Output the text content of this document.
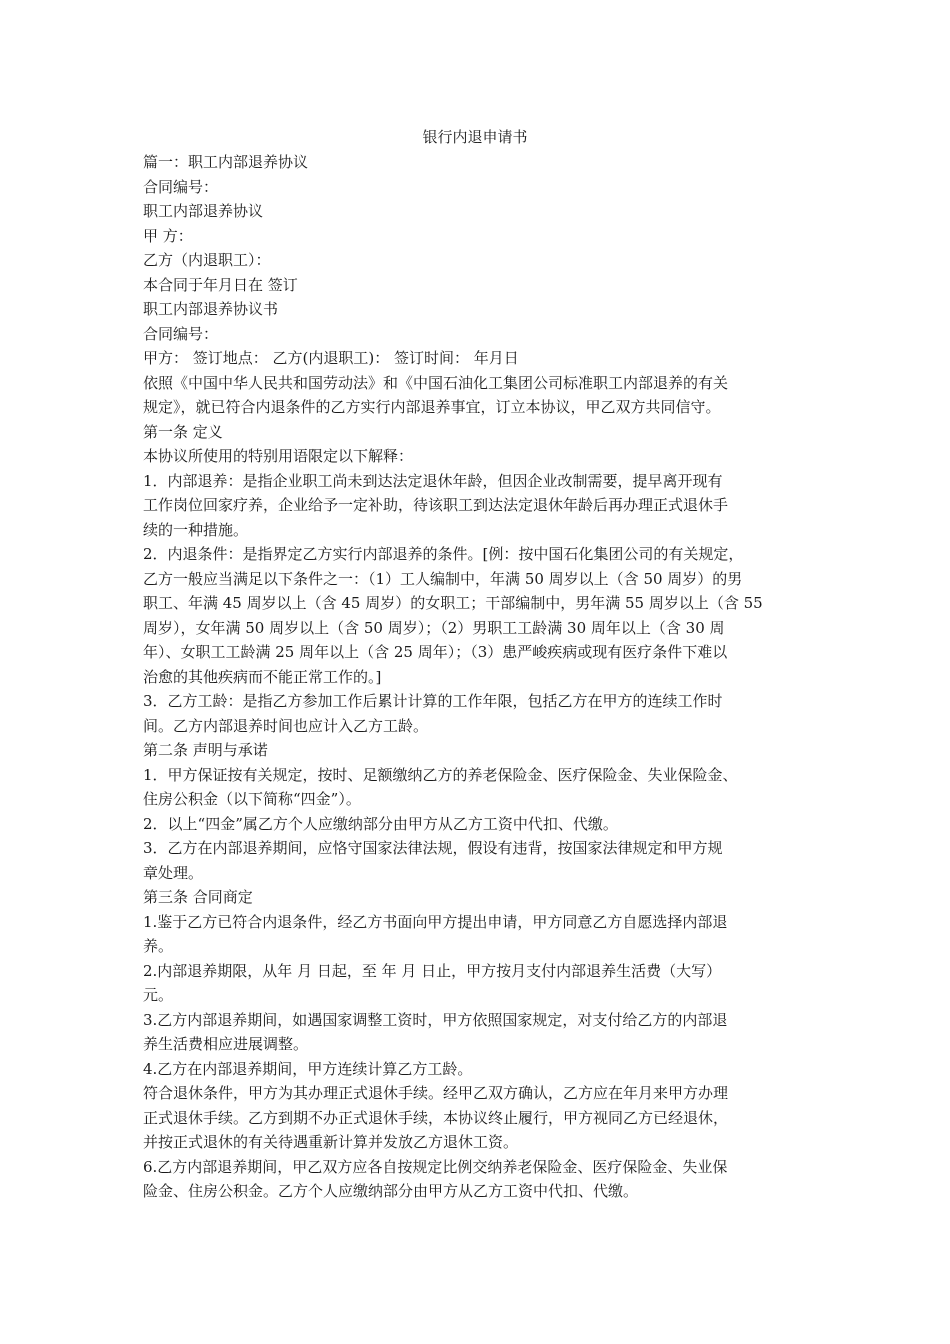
银行内退申请书

篇一：职工内部退养协议

合同编号：

职工内部退养协议

甲 方：

乙方（内退职工）：

本合同于年月日在 签订

职工内部退养协议书

合同编号：

甲方： 签订地点： 乙方(内退职工)： 签订时间： 年月日

依照《中国中华人民共和国劳动法》和《中国石油化工集团公司标准职工内部退养的有关

规定》，就已符合内退条件的乙方实行内部退养事宜，订立本协议，甲乙双方共同信守。

第一条 定义

本协议所使用的特别用语限定以下解释：

1．内部退养：是指企业职工尚未到达法定退休年龄，但因企业改制需要，提早离开现有

工作岗位回家疗养，企业给予一定补助，待该职工到达法定退休年龄后再办理正式退休手

续的一种措施。

2．内退条件：是指界定乙方实行内部退养的条件。[例：按中国石化集团公司的有关规定，

乙方一般应当满足以下条件之一：（1）工人编制中，年满 50 周岁以上（含 50 周岁）的男

职工、年满 45 周岁以上（含 45 周岁）的女职工；干部编制中，男年满 55 周岁以上（含 55

周岁），女年满 50 周岁以上（含 50 周岁）；（2）男职工工龄满 30 周年以上（含 30 周

年）、女职工工龄满 25 周年以上（含 25 周年）；（3）患严峻疾病或现有医疗条件下难以

治愈的其他疾病而不能正常工作的。]

3．乙方工龄：是指乙方参加工作后累计计算的工作年限，包括乙方在甲方的连续工作时

间。乙方内部退养时间也应计入乙方工龄。

第二条 声明与承诺

1．甲方保证按有关规定，按时、足额缴纳乙方的养老保险金、医疗保险金、失业保险金、

住房公积金（以下简称“四金”）。

2．以上“四金”属乙方个人应缴纳部分由甲方从乙方工资中代扣、代缴。

3．乙方在内部退养期间，应恪守国家法律法规，假设有违背，按国家法律规定和甲方规

章处理。

第三条 合同商定

1.鉴于乙方已符合内退条件，经乙方书面向甲方提出申请，甲方同意乙方自愿选择内部退

养。

2.内部退养期限，从年 月 日起，至 年 月 日止，甲方按月支付内部退养生活费（大写）

元。

3.乙方内部退养期间，如遇国家调整工资时，甲方依照国家规定，对支付给乙方的内部退

养生活费相应进展调整。

4.乙方在内部退养期间，甲方连续计算乙方工龄。

符合退休条件，甲方为其办理正式退休手续。经甲乙双方确认，乙方应在年月来甲方办理

正式退休手续。乙方到期不办正式退休手续，本协议终止履行，甲方视同乙方已经退休，

并按正式退休的有关待遇重新计算并发放乙方退休工资。

6.乙方内部退养期间，甲乙双方应各自按规定比例交纳养老保险金、医疗保险金、失业保

险金、住房公积金。乙方个人应缴纳部分由甲方从乙方工资中代扣、代缴。
